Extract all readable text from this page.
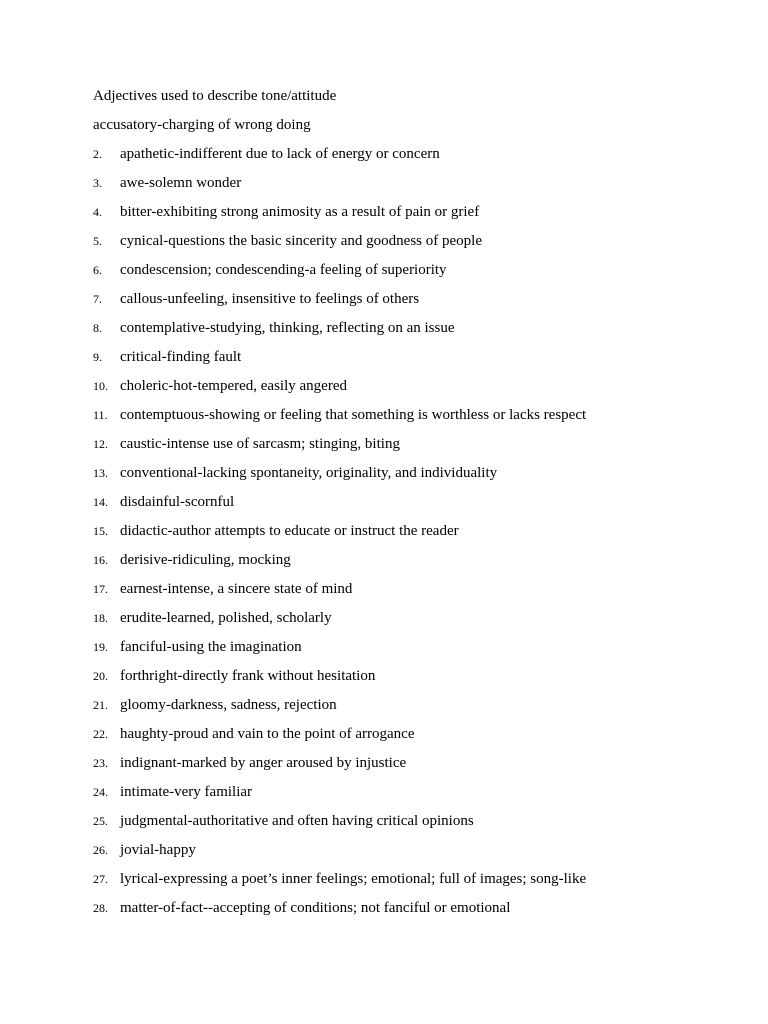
Adjectives used to describe tone/attitude
accusatory-charging of wrong doing
2.	apathetic-indifferent due to lack of energy or concern
3.	awe-solemn wonder
4.	bitter-exhibiting strong animosity as a result of pain or grief
5.	cynical-questions the basic sincerity and goodness of people
6.	condescension; condescending-a feeling of superiority
7.	callous-unfeeling, insensitive to feelings of others
8.	contemplative-studying, thinking, reflecting on an issue
9.	critical-finding fault
10. choleric-hot-tempered, easily angered
11. contemptuous-showing or feeling that something is worthless or lacks respect
12. caustic-intense use of sarcasm; stinging, biting
13. conventional-lacking spontaneity, originality, and individuality
14. disdainful-scornful
15. didactic-author attempts to educate or instruct the reader
16. derisive-ridiculing, mocking
17. earnest-intense, a sincere state of mind
18. erudite-learned, polished, scholarly
19. fanciful-using the imagination
20. forthright-directly frank without hesitation
21. gloomy-darkness, sadness, rejection
22. haughty-proud and vain to the point of arrogance
23. indignant-marked by anger aroused by injustice
24. intimate-very familiar
25. judgmental-authoritative and often having critical opinions
26. jovial-happy
27. lyrical-expressing a poet’s inner feelings; emotional; full of images; song-like
28. matter-of-fact--accepting of conditions; not fanciful or emotional
